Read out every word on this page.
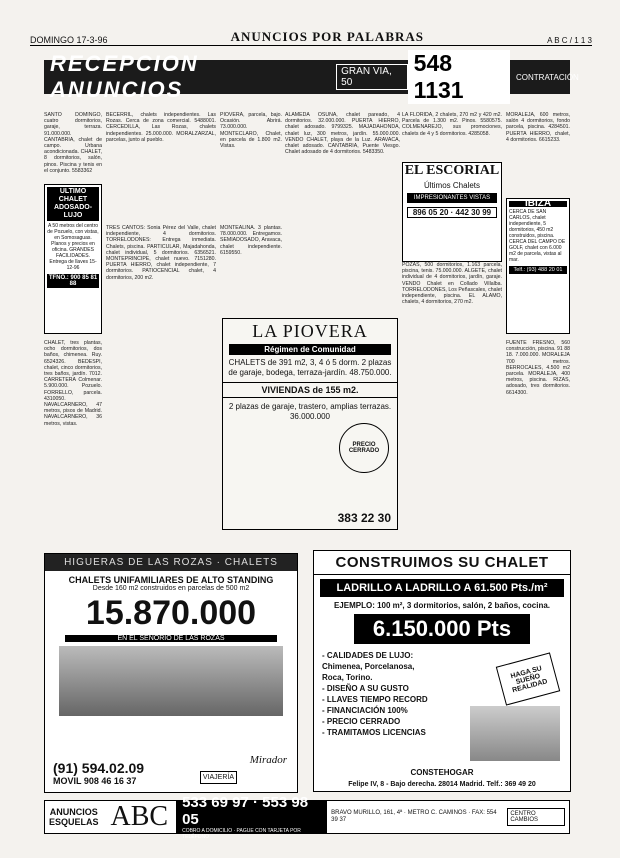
DOMINGO 17-3-96	ANUNCIOS POR PALABRAS	A B C / 1 1 3
RECEPCION ANUNCIOS
GRAN VIA, 50
548 1131	CONTRATACIÓN

SANTO DOMINGO, cuatro dormitorios, garaje, terraza. 91.000.000. CANTABRIA, chalet de campo. Urbana acondicionada. CHALET, 8 dormitorios, salón, pinos. Piscina y tenis en el conjunto. 5583362

ULTIMO CHALET ADOSADO-LUJO
A 50 metros del centro de Pozuelo, con vistas, en Somosaguas. Planos y precios en oficina. GRANDES FACILIDADES. Entrega de llaves 15-12-96
TFNO.: 900 85 81 88

CHALET, tres plantas, ocho dormitorios, dos baños, chimenea. Ruy. 6524326. BEDESPI, chalet, cinco dormitorios, tres baños, jardín. 7012. CARRETERA Colmenar. 5.900.000. Pozuelo. FORRELLO, parcela. 4310050. NAVALCARNERO, 47 metros, pisos de Madrid. NAVALCARNERO, 36 metros, vistas.

BECERRIL, chalets independientes. Las Rozas. Cerca de zona comercial. 5488001. CERCEDILLA, Las Rozas, chalets independientes. 25.000.000. MORALZARZAL, parcelas, junto al pueblo.

TRES CANTOS: Sonia Pérez del Valle, chalet independiente, 4 dormitorios. TORRELODONES: Entrega inmediata. Chalets, piscina. PARTICULAR, Majadahonda, chalet individual, 5 dormitorios. 6356521. MONTEPRINCIPE, chalet nuevo. 7151280. PUERTA HIERRO, chalet independiente, 7 dormitorios. PATIOCENCIAL chalet, 4 dormitorios, 200 m2.

PIOVERA, parcela, bajo. Ocasión. Abrirá. 73.000.000. MONTECLARO, Chalet, en parcela de 1.800 m2. Vistas.

ALAMEDA OSUNA, chalet pareado, 4 dormitorios. 32.000.000. PUERTA HIERRO, chalet adosado. 9799325. MAJADAHONDA, chalet luz, 300 metros, jardín. 55.000.000. VENDO CHALET, playa de la Luz. ARAVACA, chalet adosado. CANTABRIA, Puente Viesgo. Chalet adosado de 4 dormitorios. 5483350.

MONTEALINA. 3 plantas. 78.000.000. Entregamos. SEMIADOSADO, Aravaca, chalet independiente. 6159550.

LA PIOVERA
Régimen de Comunidad
CHALETS de 391 m2, 3, 4 ó 5 dorm. 2 plazas de garaje, bodega, terraza-jardín. 48.750.000.
VIVIENDAS de 155 m2.
2 plazas de garaje, trastero, amplias terrazas. 36.000.000
PRECIO CERRADO
383 22 30

LA FLORIDA, 2 chalets, 270 m2 y 420 m2. Parcela de 1.300 m2. Pinos. 5580575. COLMENAREJO, sus promociones, chalets de 4 y 5 dormitorios. 4285058.

EL ESCORIAL
Últimos Chalets
IMPRESIONANTES VISTAS
896 05 20 · 442 30 99

POZAS, 500 dormitorios, 1.163 parcela, piscina, tenis. 75.000.000. ALGETE, chalet individual de 4 dormitorios, jardín, garaje. VENDO Chalet en Collado Villalba. TORRELODONES, Los Peñascales, chalet independiente, piscina. EL ALAMO, chalets, 4 dormitorios, 270 m2.

MORALEJA, 600 metros, salón 4 dormitorios, fondo parcela, piscina. 4284501. PUERTA HIERRO, chalet, 4 dormitorios. 6615233.

IBIZA
CERCA DE SAN CARLOS, chalet independiente, 5 dormitorios, 450 m2 construidos, piscina. CERCA DEL CAMPO DE GOLF, chalet con 6.000 m2 de parcela, vistas al mar.
Telf.: (93) 488 20 01

FUENTE FRESNO, 560 construcción, piscina. 91 88 18. 7.000.000. MORALEJA 700 metros. BERROCALES, 4.500 m2 parcela. MORALEJA, 400 metros, piscina. RIZAS, adosado, tres dormitorios. 6614300.

HIGUERAS DE LAS ROZAS · CHALETS
CHALETS UNIFAMILIARES DE ALTO STANDING
Desde 160 m2 construidos en parcelas de 500 m2
15.870.000
EN EL SEÑORÍO DE LAS ROZAS
Mirador
VIAJERÍA
(91) 594.02.09
MOVIL 908 46 16 37
CONSTRUIMOS SU CHALET
LADRILLO A LADRILLO A 61.500 Pts./m²
EJEMPLO: 100 m², 3 dormitorios, salón, 2 baños, cocina.
6.150.000 Pts
- CALIDADES DE LUJO:
Chimenea, Porcelanosa,
Roca, Torino.
- DISEÑO A SU GUSTO
- LLAVES TIEMPO RECORD
- FINANCIACIÓN 100%
- PRECIO CERRADO
- TRAMITAMOS LICENCIAS
HAGA SU SUEÑO REALIDAD
CONSTEHOGAR
Felipe IV, 8 - Bajo derecha. 28014 Madrid. Telf.: 369 49 20
ANUNCIOS
ESQUELAS ABC 533 69 97 · 553 98 05
COBRO A DOMICILIO · PAGUE CON TARJETA POR TELÉFONO
BRAVO MURILLO, 161, 4ª · METRO C. CAMINOS · FAX: 554 39 37
CENTRO CAMBIOS
